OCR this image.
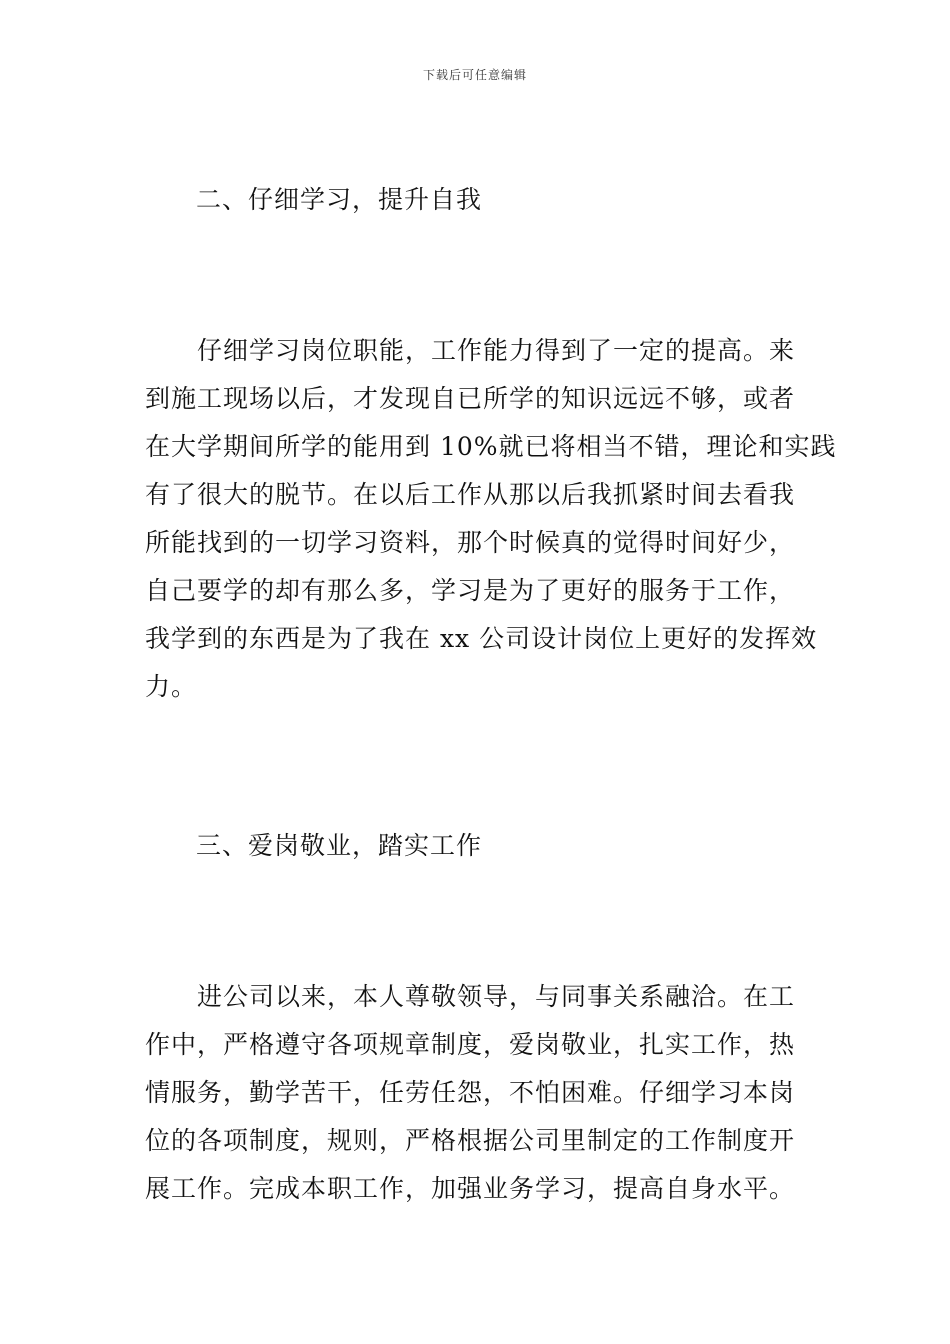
下载后可任意编辑
二、仔细学习，提升自我
仔细学习岗位职能，工作能力得到了一定的提高。来
到施工现场以后，才发现自已所学的知识远远不够，或者
在大学期间所学的能用到 10%就已将相当不错，理论和实践
有了很大的脱节。在以后工作从那以后我抓紧时间去看我
所能找到的一切学习资料，那个时候真的觉得时间好少，
自己要学的却有那么多，学习是为了更好的服务于工作，
我学到的东西是为了我在 xx 公司设计岗位上更好的发挥效
力。
三、爱岗敬业，踏实工作
进公司以来，本人尊敬领导，与同事关系融洽。在工
作中，严格遵守各项规章制度，爱岗敬业，扎实工作，热
情服务，勤学苦干，任劳任怨，不怕困难。仔细学习本岗
位的各项制度，规则，严格根据公司里制定的工作制度开
展工作。完成本职工作，加强业务学习，提高自身水平。
